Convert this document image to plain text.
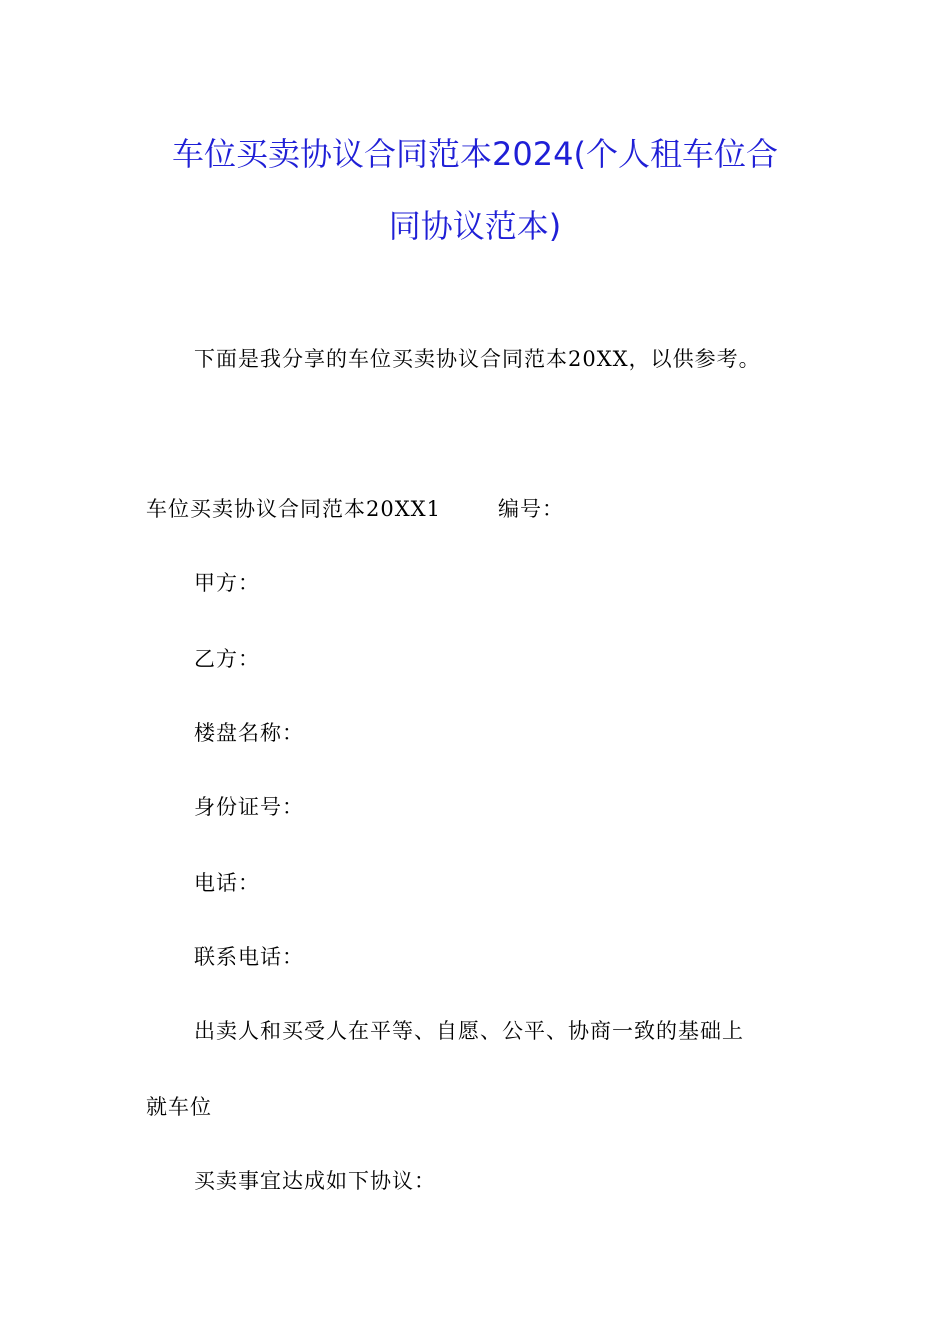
车位买卖协议合同范本2024(个人租车位合
同协议范本)
下面是我分享的车位买卖协议合同范本20XX，以供参考。
车位买卖协议合同范本20XX1	编号：
甲方：
乙方：
楼盘名称：
身份证号：
电话：
联系电话：
出卖人和买受人在平等、自愿、公平、协商一致的基础上
就车位
买卖事宜达成如下协议：
